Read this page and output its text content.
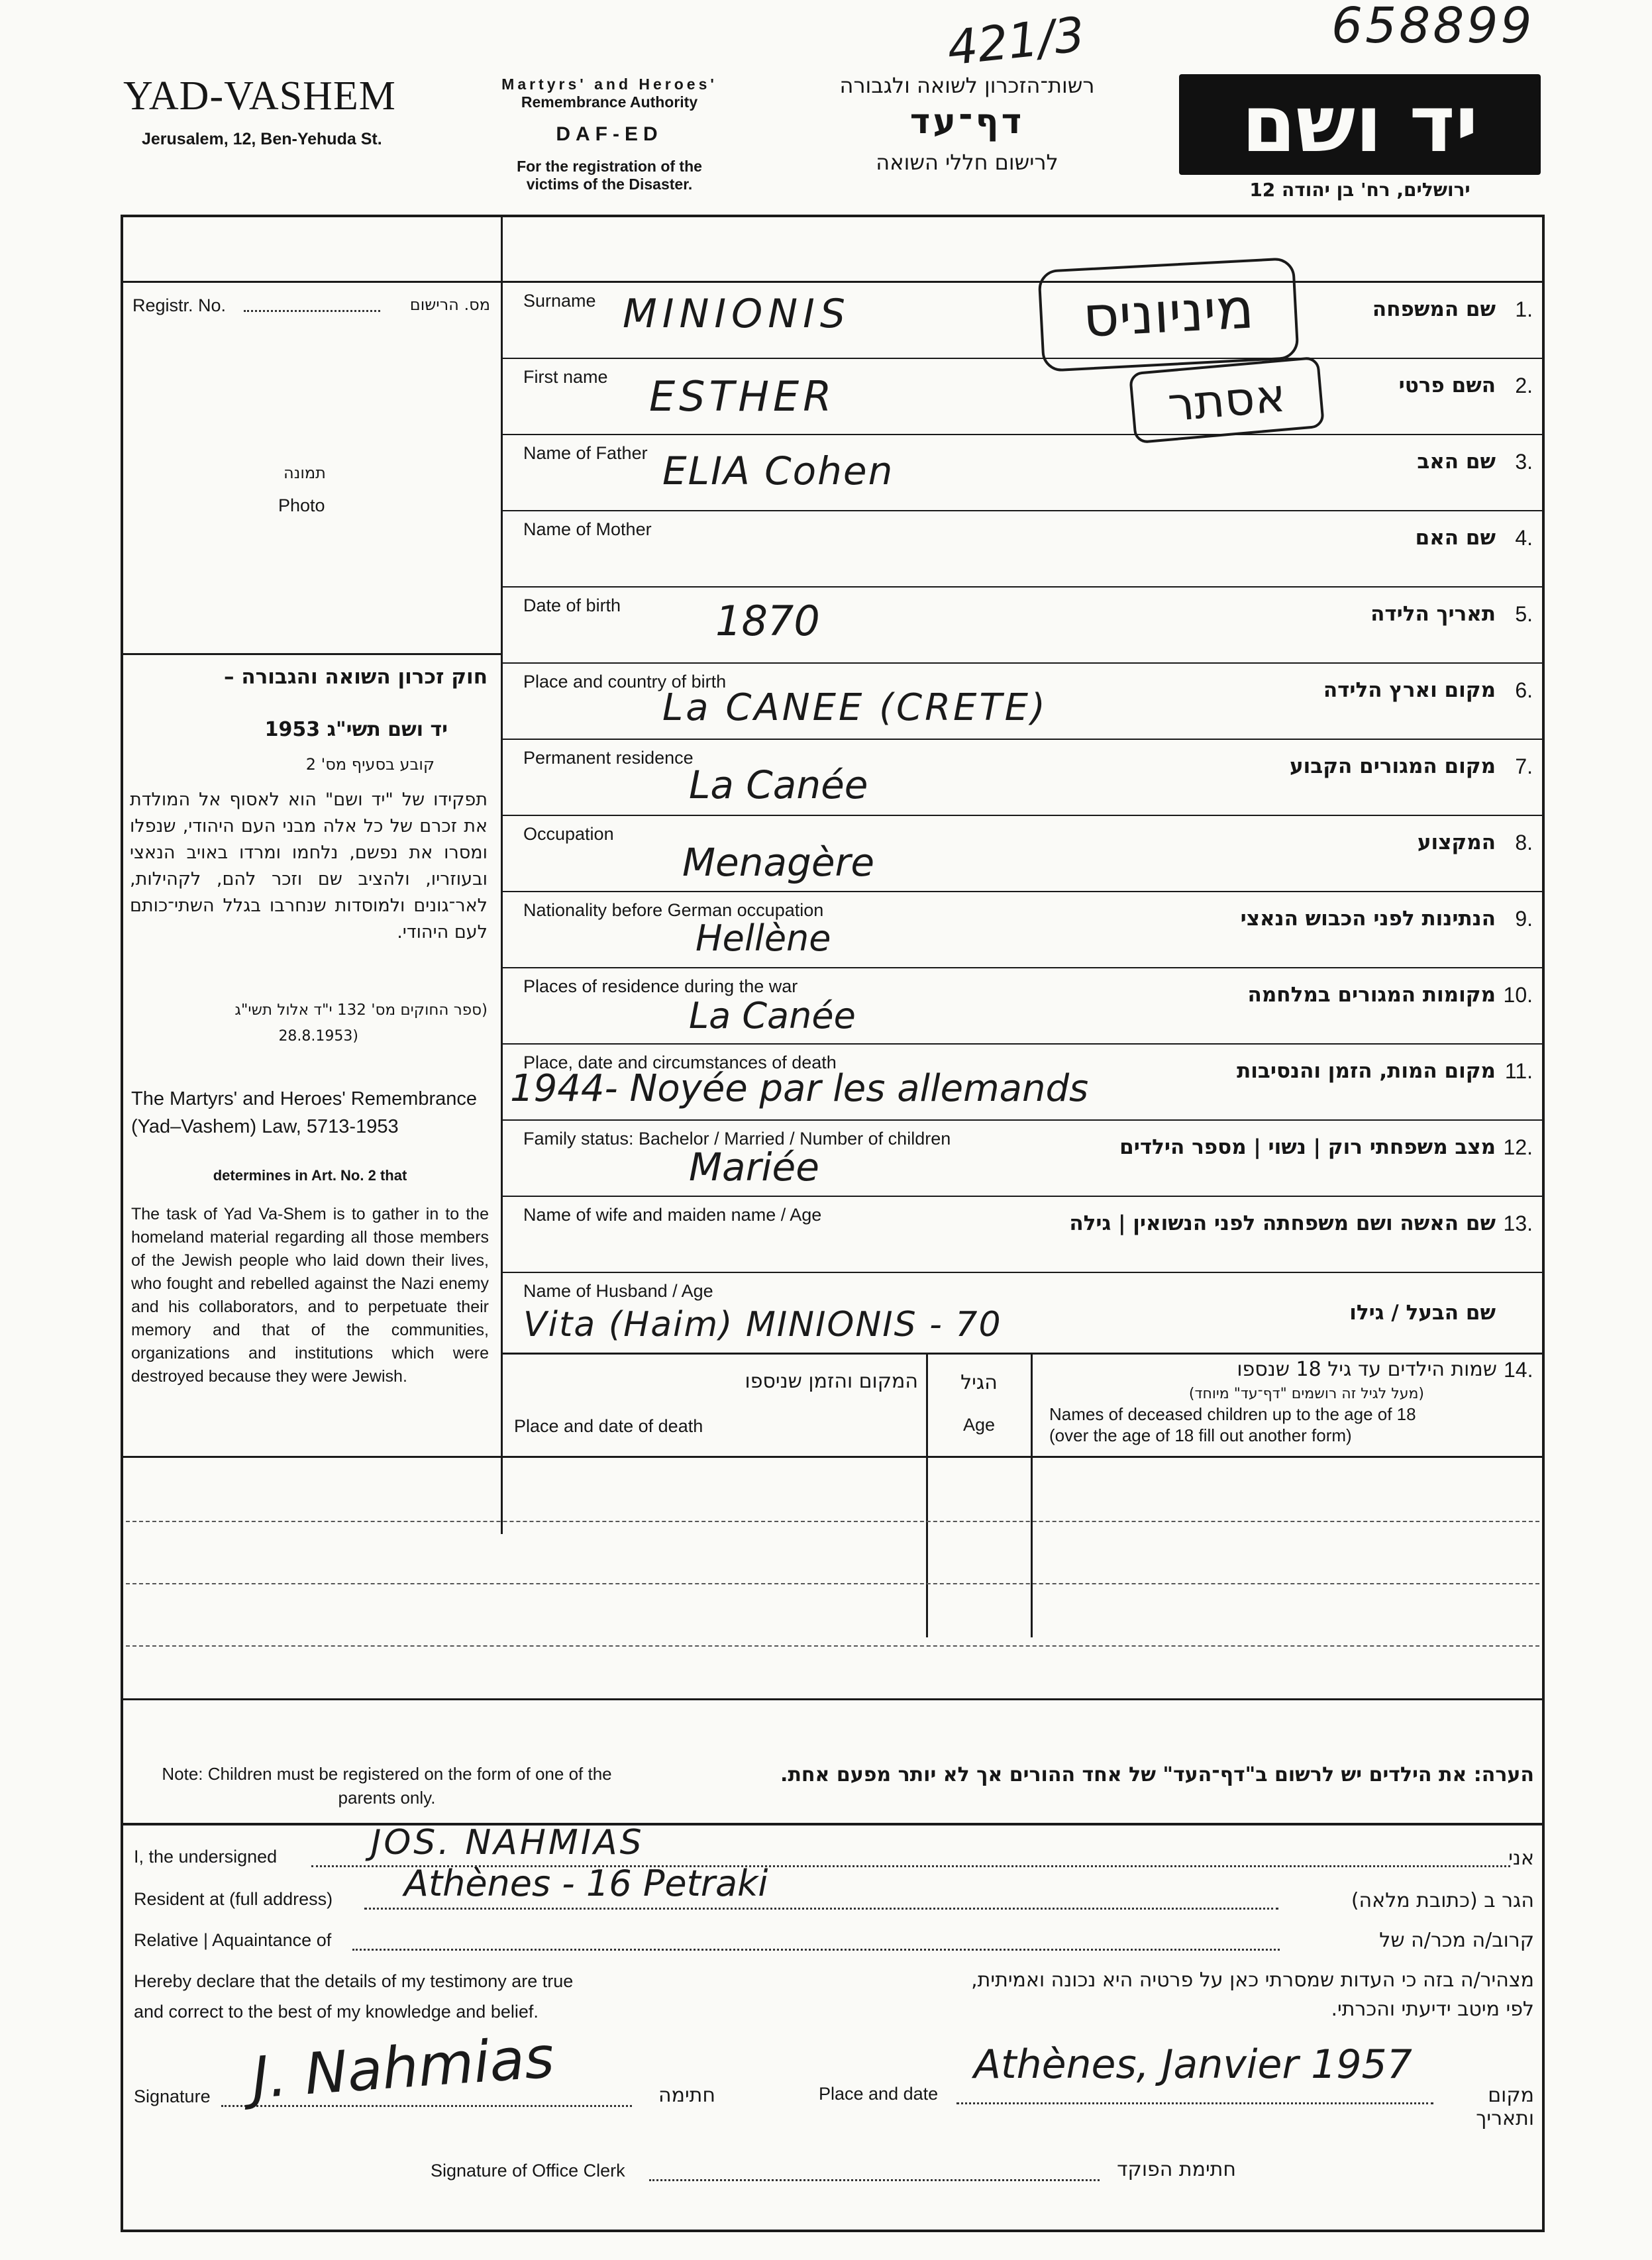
421/3	658899
YAD-VASHEM
Jerusalem, 12, Ben-Yehuda St.
Martyrs' and Heroes'
Remembrance Authority
DAF-ED
For the registration of the
victims of the Disaster.
רשות־הזכרון לשואה ולגבורה
דף־עד
לרישום חללי השואה	יד ושם
ירושלים, רח' בן יהודה 12
Registr. No.	מס. הרישום
תמונה
Photo
חוק זכרון השואה והגבורה –
יד ושם תשי"ג 1953
קובע בסעיף מס' 2
תפקידו של "יד ושם" הוא לאסוף אל המולדת את זכרם של כל אלה מבני העם היהודי, שנפלו ומסרו את נפשם, נלחמו ומרדו באויב הנאצי ובעוזריו, ולהציב שם וזכר להם, לקהילות, לאר־גונים ולמוסדות שנחרבו בגלל השתי־כותם לעם היהודי.
(ספר החוקים מס' 132 י"ד אלול תשי"ג
(28.8.1953
The Martyrs' and Heroes' Remembrance (Yad–Vashem) Law, 5713-1953
determines in Art. No. 2 that
The task of Yad Va-Shem is to gather in to the homeland material regarding all those members of the Jewish people who laid down their lives, who fought and rebelled against the Nazi enemy and his collaborators, and to perpetuate their memory and that of the communities, organizations and institutions which were destroyed because they were Jewish.
Surname MINIONIS	שם המשפחה 1.
First name ESTHER	השם פרטי 2.
Name of Father ELIA Cohen	שם האב 3.
Name of Mother	שם האם 4.
Date of birth 1870	תאריך הלידה 5.
Place and country of birth
La CANEE (CRETE)	מקום וארץ הלידה 6.
Permanent residence
La Canée	מקום המגורים הקבוע 7.
Occupation
Menagère	המקצוע 8.
Nationality before German occupation
Hellène	הנתינות לפני הכבוש הנאצי 9.
Places of residence during the war
La Canée	מקומות המגורים במלחמה 10.
Place, date and circumstances of death
1944- Noyée par les allemands	מקום המות, הזמן והנסיבות 11.
Family status: Bachelor / Married / Number of children
Mariée	מצב משפחתי רוק | נשוי | מספר הילדים 12.
Name of wife and maiden name / Age	שם האשה ושם משפחתה לפני הנשואין | גילה 13.
Name of Husband / Age
Vita (Haim) MINIONIS - 70	שם הבעל / גילו
מיניוניס
אסתר
14.
שמות הילדים עד גיל 18 שנספו
(מעל לגיל זה רושמים "דף־עד" מיוחד)
Names of deceased children up to the age of 18
(over the age of 18 fill out another form)
הגיל
Age
המקום והזמן שניספו
Place and date of death
Note: Children must be registered on the form of one of the parents only.
הערה: את הילדים יש לרשום ב"דף־העד" של אחד ההורים אך לא יותר מפעם אחת.
I, the undersigned	JOS. NAHMIAS	אני
Resident at (full address) Athènes - 16 Petraki	הגר ב (כתובת מלאה)
Relative | Aquaintance of	קרוב/ה מכר/ה של
Hereby declare that the details of my testimony are true
and correct to the best of my knowledge and belief.
מצהיר/ה בזה כי העדות שמסרתי כאן על פרטיה היא נכונה ואמיתית,
לפי מיטב ידיעתי והכרתי.
Signature J. Nahmias	חתימה	Place and date
Athènes, Janvier 1957
מקום ותאריך
Signature of Office Clerk	חתימת הפוקד
